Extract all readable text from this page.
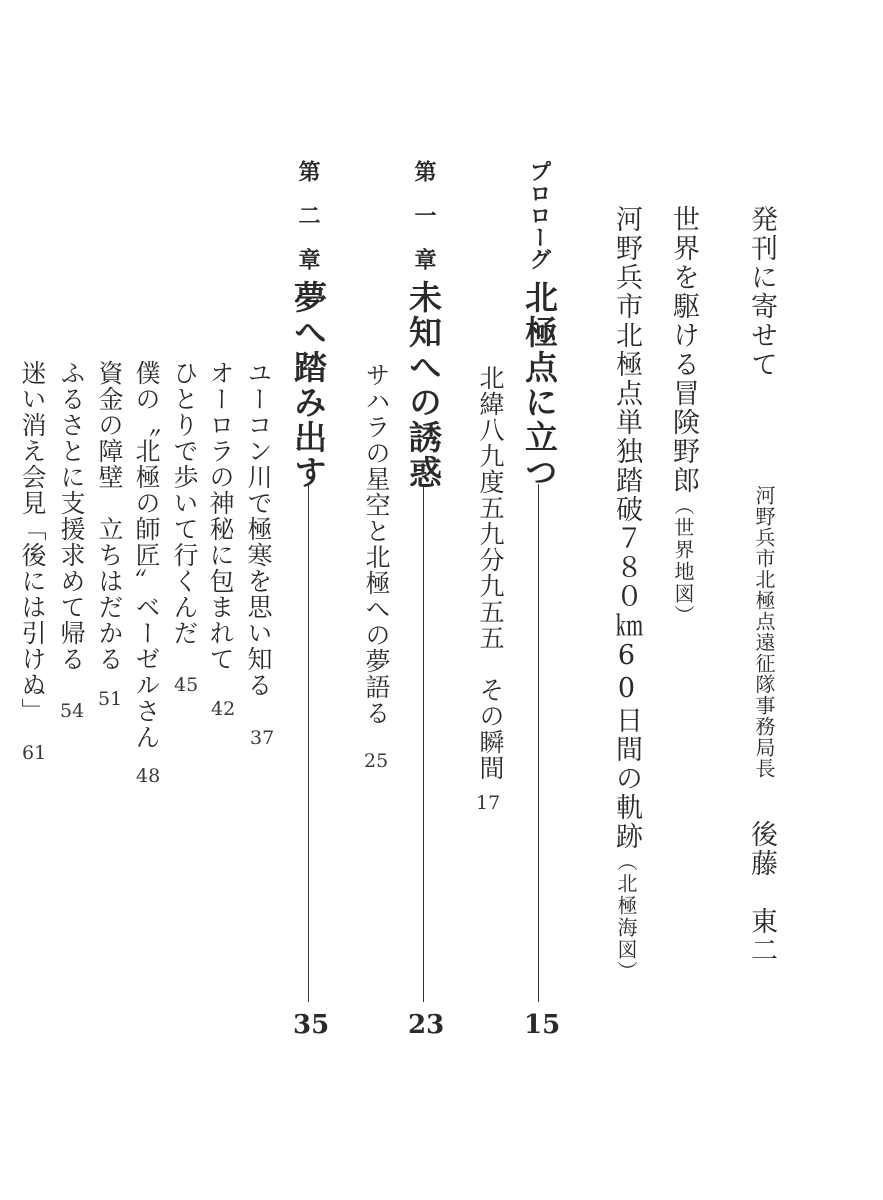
発刊に寄せて
河野兵市北極点遠征隊事務局長
後藤　東二
世界を駆ける冒険野郎（世界地図）
河野兵市北極点単独踏破７８０㎞60日間の軌跡（北極海図）
プロローグ
北極点に立つ
15
北緯八九度五九分九五五　その瞬間
17
第　一　章
未知への誘惑
23
サハラの星空と北極への夢語る
25
第　二　章
夢へ踏み出す
35
ユーコン川で極寒を思い知る
37
オーロラの神秘に包まれて
42
ひとりで歩いて行くんだ
45
僕の〝北極の師匠〟ベーゼルさん
48
資金の障壁　立ちはだかる
51
ふるさとに支援求めて帰る
54
迷い消え会見「後には引けぬ」
61
